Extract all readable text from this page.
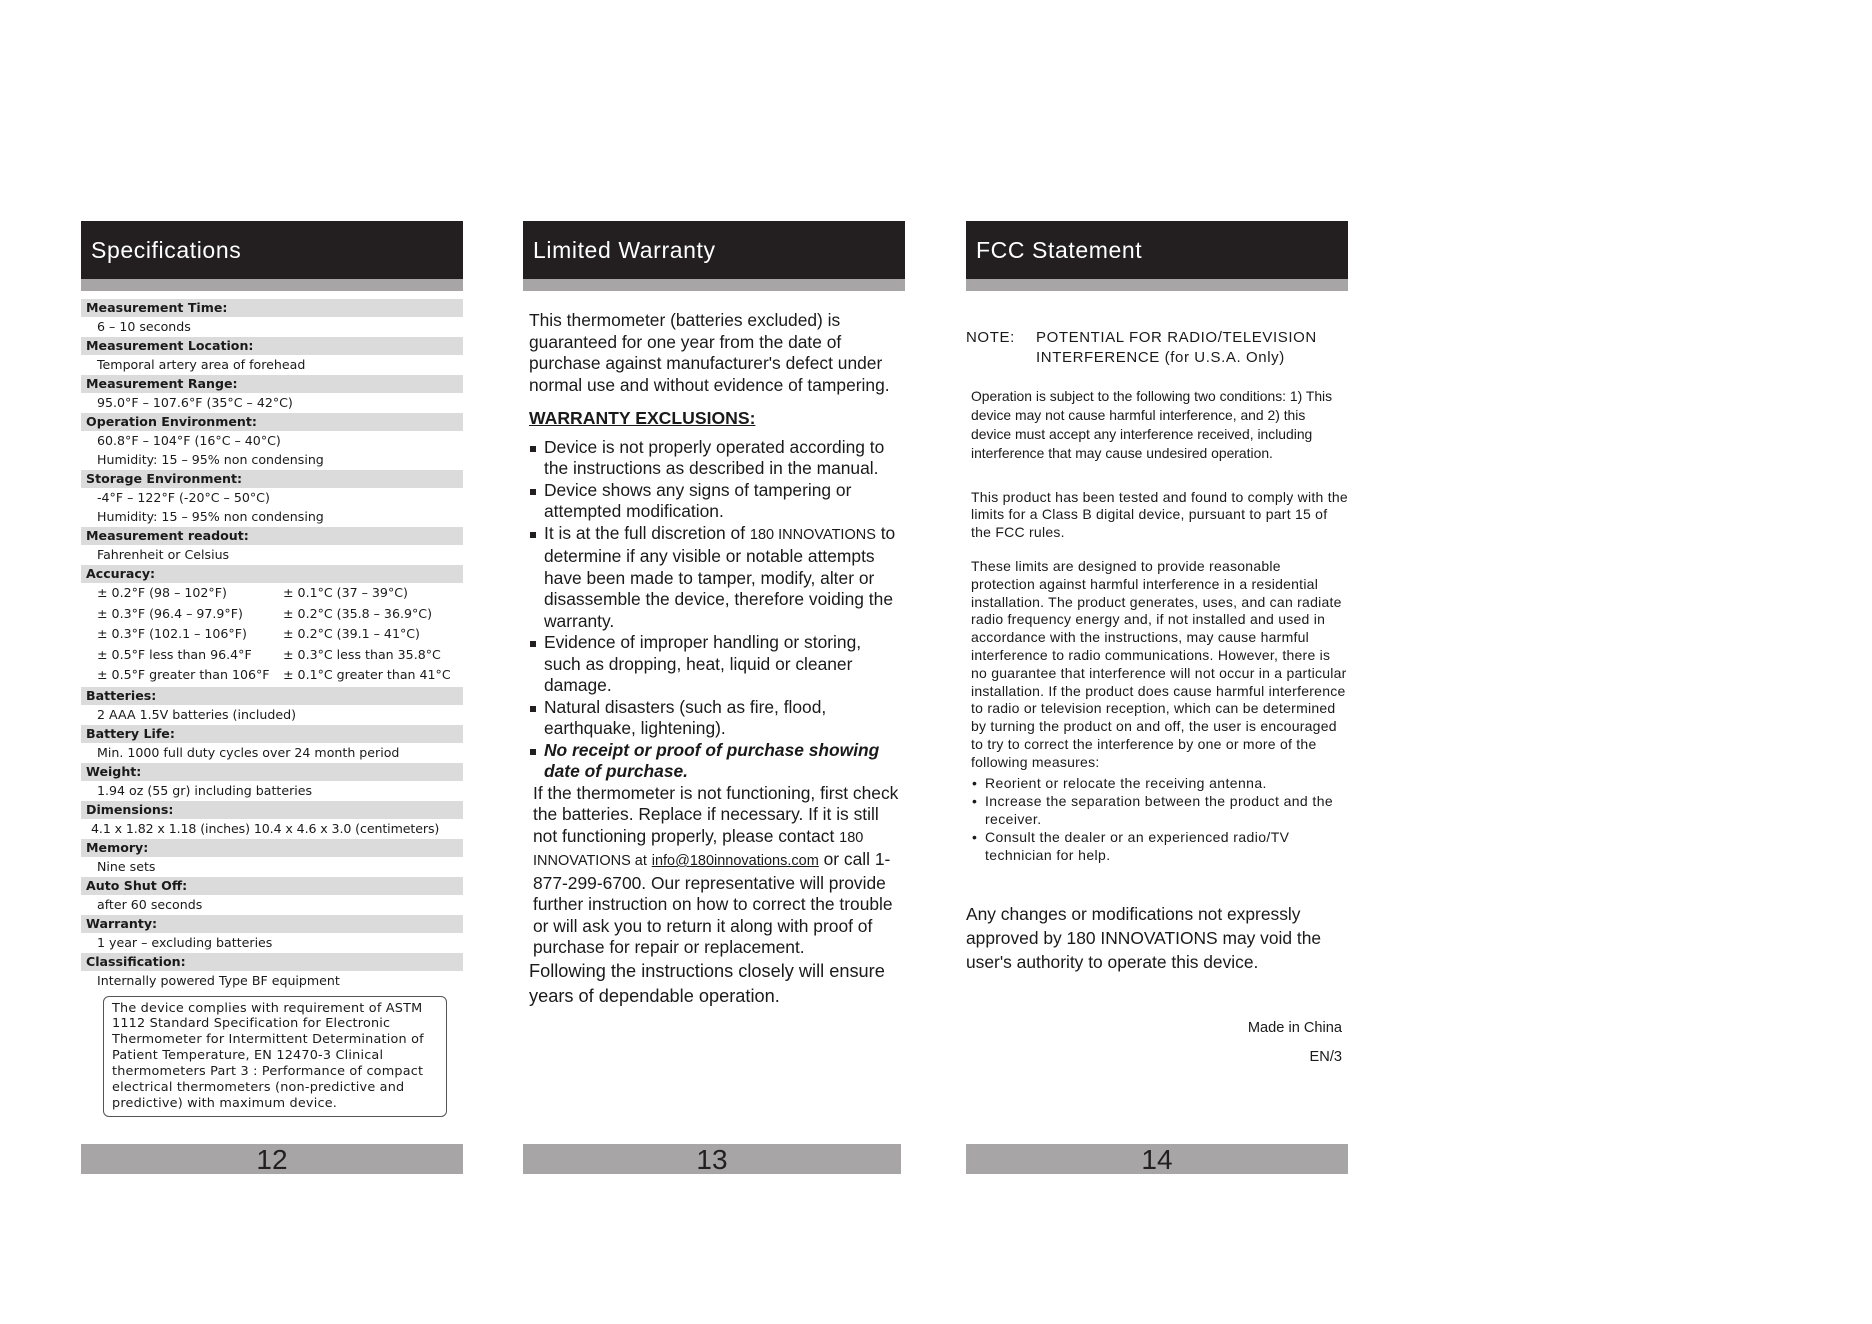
Specifications
Measurement Time:
6 – 10 seconds
Measurement Location:
Temporal artery area of forehead
Measurement Range:
95.0°F – 107.6°F (35°C – 42°C)
Operation Environment:
60.8°F – 104°F (16°C – 40°C)
Humidity: 15 – 95% non condensing
Storage Environment:
-4°F – 122°F (-20°C – 50°C)
Humidity: 15 – 95% non condensing
Measurement readout:
Fahrenheit or Celsius
Accuracy:
± 0.2°F (98 – 102°F)	± 0.1°C (37 – 39°C)
± 0.3°F (96.4 – 97.9°F)	± 0.2°C (35.8 – 36.9°C)
± 0.3°F (102.1 – 106°F)	± 0.2°C (39.1 – 41°C)
± 0.5°F less than 96.4°F	± 0.3°C less than 35.8°C
± 0.5°F greater than 106°F	± 0.1°C greater than 41°C
Batteries:
2 AAA 1.5V batteries (included)
Battery Life:
Min. 1000 full duty cycles over 24 month period
Weight:
1.94 oz (55 gr) including batteries
Dimensions:
4.1 x 1.82 x 1.18 (inches) 10.4 x 4.6 x 3.0 (centimeters)
Memory:
Nine sets
Auto Shut Off:
after 60 seconds
Warranty:
1 year – excluding batteries
Classification:
Internally powered Type BF equipment
The device complies with requirement of ASTM 1112 Standard Specification for Electronic Thermometer for Intermittent Determination of Patient Temperature, EN 12470-3 Clinical thermometers Part 3 : Performance of compact electrical thermometers (non-predictive and predictive) with maximum device.
12
Limited Warranty

This thermometer (batteries excluded) is guaranteed for one year from the date of purchase against manufacturer's defect under normal use and without evidence of tampering.

WARRANTY EXCLUSIONS:
Device is not properly operated according to the instructions as described in the manual.
Device shows any signs of tampering or attempted modification.
It is at the full discretion of 180 INNOVATIONS to determine if any visible or notable attempts have been made to tamper, modify, alter or disassemble the device, therefore voiding the warranty.
Evidence of improper handling or storing, such as dropping, heat, liquid or cleaner damage.
Natural disasters (such as fire, flood, earthquake, lightening).
No receipt or proof of purchase showing date of purchase.

If the thermometer is not functioning, first check the batteries. Replace if necessary. If it is still not functioning properly, please contact 180 INNOVATIONS at info@180innovations.com or call 1-877-299-6700. Our representative will provide further instruction on how to correct the trouble or will ask you to return it along with proof of purchase for repair or replacement.

Following the instructions closely will ensure years of dependable operation.

13
FCC Statement
NOTE:	POTENTIAL FOR RADIO/TELEVISION
INTERFERENCE (for U.S.A. Only)

Operation is subject to the following two conditions: 1) This device may not cause harmful interference, and 2) this device must accept any interference received, including interference that may cause undesired operation.

This product has been tested and found to comply with the limits for a Class B digital device, pursuant to part 15 of the FCC rules.

These limits are designed to provide reasonable protection against harmful interference in a residential installation. The product generates, uses, and can radiate radio frequency energy and, if not installed and used in accordance with the instructions, may cause harmful interference to radio communications. However, there is no guarantee that interference will not occur in a particular installation. If the product does cause harmful interference to radio or television reception, which can be determined by turning the product on and off, the user is encouraged to try to correct the interference by one or more of the following measures:

• Reorient or relocate the receiving antenna.
• Increase the separation between the product and the receiver.
• Consult the dealer or an experienced radio/TV technician for help.

Any changes or modifications not expressly approved by 180 INNOVATIONS may void the user's authority to operate this device.

Made in China
EN/3
14
